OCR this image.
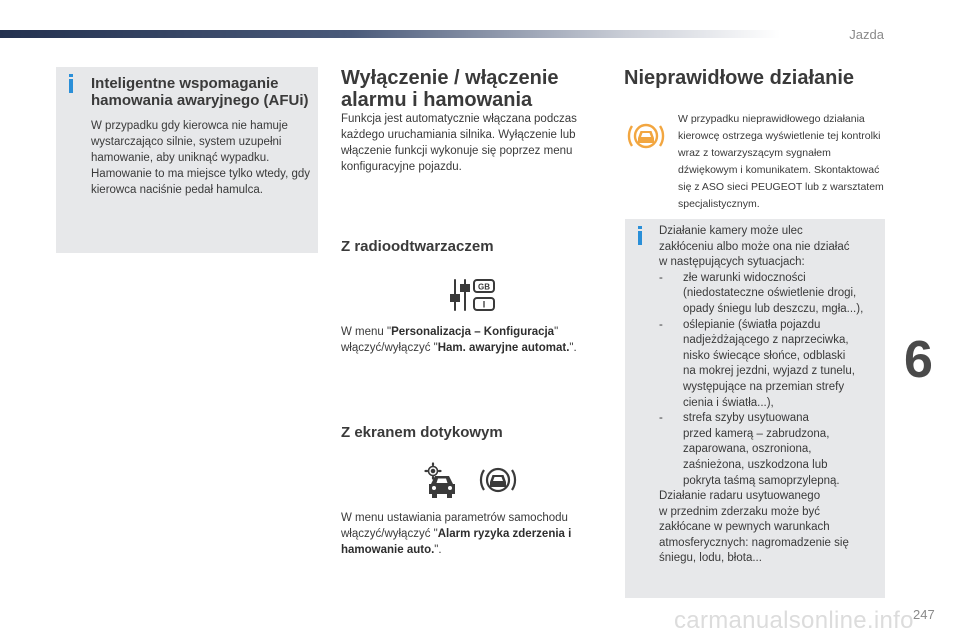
Jazda
Inteligentne wspomaganie hamowania awaryjnego (AFUi)

W przypadku gdy kierowca nie hamuje wystarczająco silnie, system uzupełni hamowanie, aby uniknąć wypadku. Hamowanie to ma miejsce tylko wtedy, gdy kierowca naciśnie pedał hamulca.

Wyłączenie / włączenie alarmu i hamowania

Funkcja jest automatycznie włączana podczas każdego uruchamiania silnika. Wyłączenie lub włączenie funkcji wykonuje się poprzez menu konfiguracyjne pojazdu.

Z radioodtwarzaczem
GB
I

W menu "Personalizacja – Konfiguracja" włączyć/wyłączyć "Ham. awaryjne automat.".

Z ekranem dotykowym

W menu ustawiania parametrów samochodu włączyć/wyłączyć "Alarm ryzyka zderzenia i hamowanie auto.".

Nieprawidłowe działanie

W przypadku nieprawidłowego działania kierowcę ostrzega wyświetlenie tej kontrolki wraz z towarzyszącym sygnałem dźwiękowym i komunikatem. Skontaktować się z ASO sieci PEUGEOT lub z warsztatem specjalistycznym.

Działanie kamery może ulec
zakłóceniu albo może ona nie działać
w następujących sytuacjach:
-	złe warunki widoczności
(niedostateczne oświetlenie drogi,
opady śniegu lub deszczu, mgła...),
-	oślepianie (światła pojazdu
nadjeżdżającego z naprzeciwka,
nisko świecące słońce, odblaski
na mokrej jezdni, wyjazd z tunelu,
występujące na przemian strefy
cienia i światła...),
-	strefa szyby usytuowana
przed kamerą – zabrudzona,
zaparowana, oszroniona,
zaśnieżona, uszkodzona lub
pokryta taśmą samoprzylepną.
Działanie radaru usytuowanego
w przednim zderzaku może być
zakłócane w pewnych warunkach
atmosferycznych: nagromadzenie się
śniegu, lodu, błota...
6
carmanualsonline.info 247
